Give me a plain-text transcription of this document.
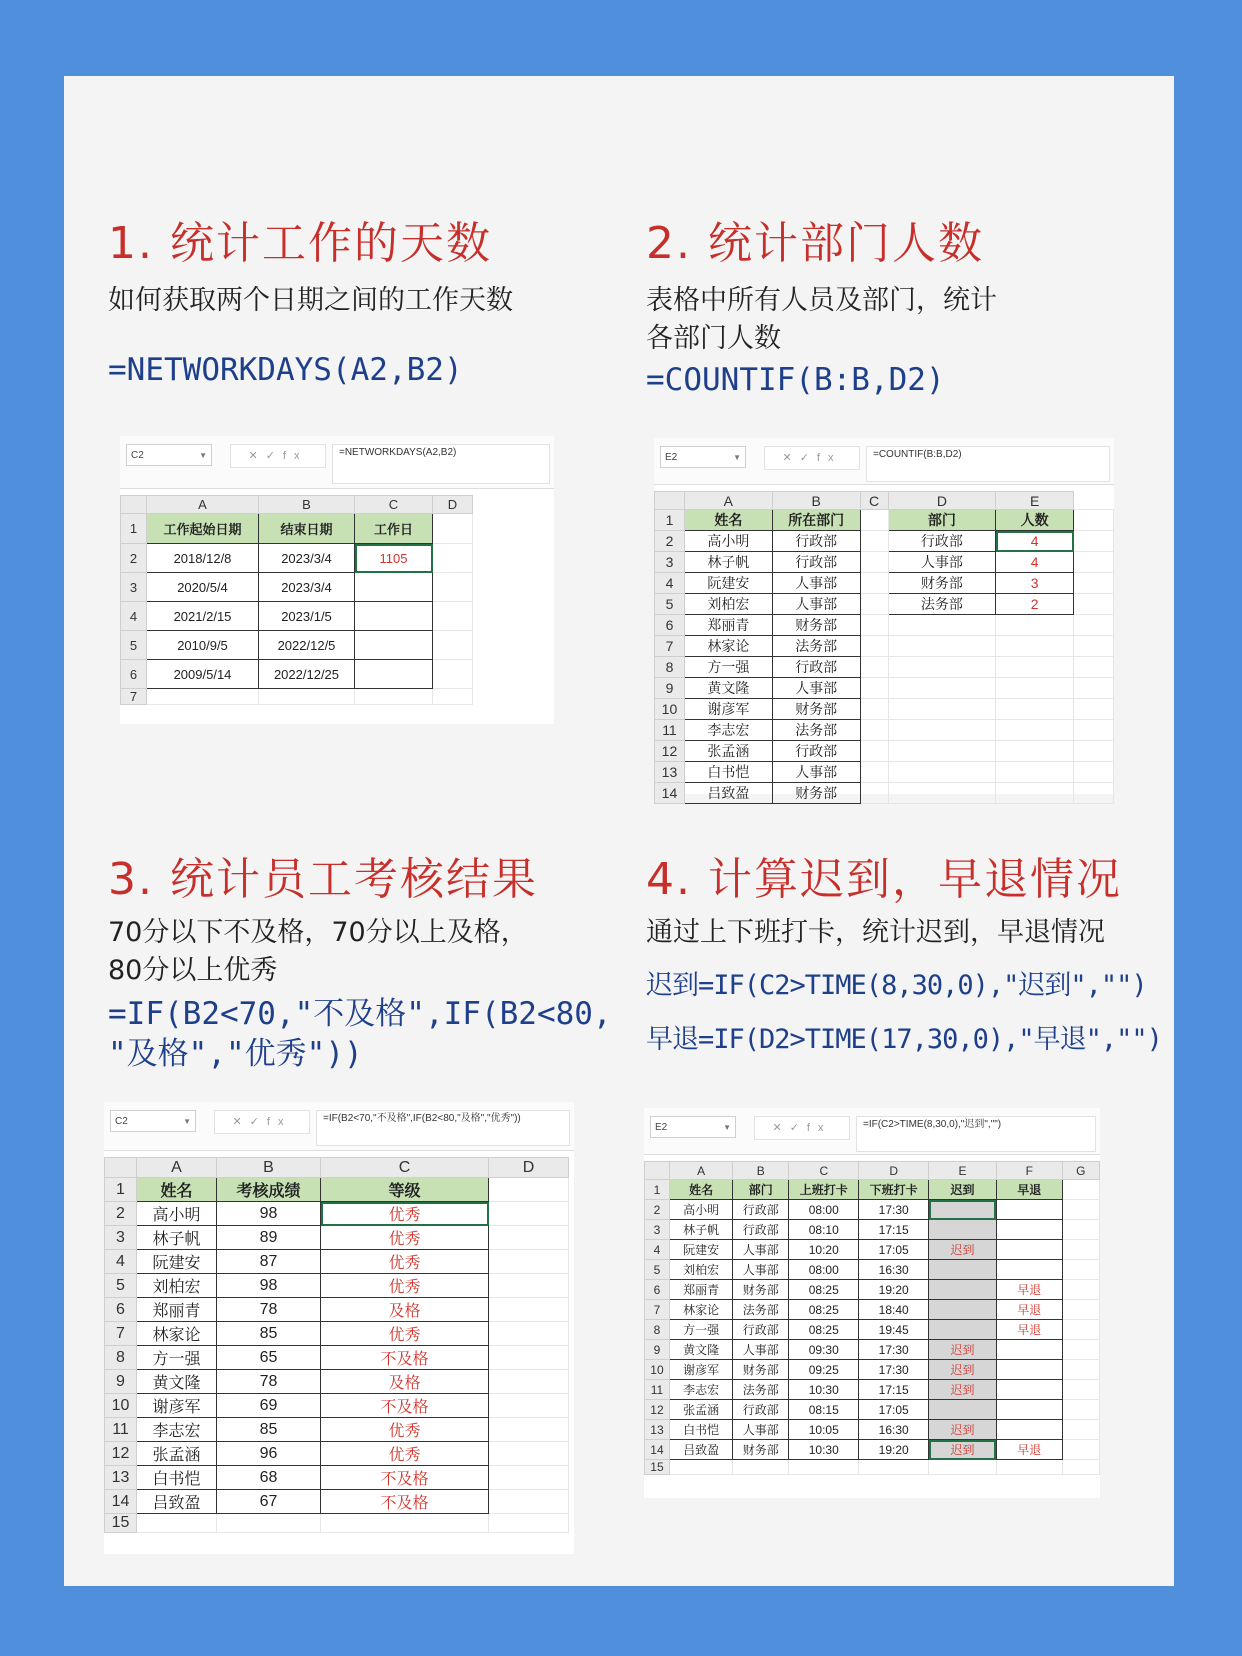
1. 统计工作的天数

如何获取两个日期之间的工作天数

=NETWORKDAYS(A2,B2)

C2	▼	✕✓fx	=NETWORKDAYS(A2,B2)
	A	B	C	D
1	工作起始日期	结束日期	工作日	
2	2018/12/8	2023/3/4	1105	
3	2020/5/4	2023/3/4		
4	2021/2/15	2023/1/5		
5	2010/9/5	2022/12/5		
6	2009/5/14	2022/12/25		
7				
2. 统计部门人数

表格中所有人员及部门，统计

各部门人数

=COUNTIF(B:B,D2)

E2	▼	✕✓fx	=COUNTIF(B:B,D2)
	A	B	C	D	E	
1	姓名	所在部门		部门	人数	
2	高小明	行政部		行政部	4	
3	林子帆	行政部		人事部	4	
4	阮建安	人事部		财务部	3	
5	刘柏宏	人事部		法务部	2	
6	郑丽青	财务部				
7	林家论	法务部				
8	方一强	行政部				
9	黄文隆	人事部				
10	谢彦军	财务部				
11	李志宏	法务部				
12	张孟涵	行政部				
13	白书恺	人事部				
14	吕致盈	财务部				
3. 统计员工考核结果

70分以下不及格，70分以上及格，

80分以上优秀

=IF(B2<70,"不及格",IF(B2<80,

"及格","优秀"))

C2	▼	✕✓fx	=IF(B2<70,"不及格",IF(B2<80,"及格","优秀"))
	A	B	C	D
1	姓名	考核成绩	等级	
2	高小明	98	优秀	
3	林子帆	89	优秀	
4	阮建安	87	优秀	
5	刘柏宏	98	优秀	
6	郑丽青	78	及格	
7	林家论	85	优秀	
8	方一强	65	不及格	
9	黄文隆	78	及格	
10	谢彦军	69	不及格	
11	李志宏	85	优秀	
12	张孟涵	96	优秀	
13	白书恺	68	不及格	
14	吕致盈	67	不及格	
15				
4. 计算迟到，早退情况

通过上下班打卡，统计迟到，早退情况

迟到=IF(C2>TIME(8,30,0),"迟到","")

早退=IF(D2>TIME(17,30,0),"早退","")

E2	▼	✕✓fx	=IF(C2>TIME(8,30,0),"迟到","")
	A	B	C	D	E	F	G
1	姓名	部门	上班打卡	下班打卡	迟到	早退	
2	高小明	行政部	08:00	17:30			
3	林子帆	行政部	08:10	17:15			
4	阮建安	人事部	10:20	17:05	迟到		
5	刘柏宏	人事部	08:00	16:30			
6	郑丽青	财务部	08:25	19:20		早退	
7	林家论	法务部	08:25	18:40		早退	
8	方一强	行政部	08:25	19:45		早退	
9	黄文隆	人事部	09:30	17:30	迟到		
10	谢彦军	财务部	09:25	17:30	迟到		
11	李志宏	法务部	10:30	17:15	迟到		
12	张孟涵	行政部	08:15	17:05			
13	白书恺	人事部	10:05	16:30	迟到		
14	吕致盈	财务部	10:30	19:20	迟到	早退	
15							
